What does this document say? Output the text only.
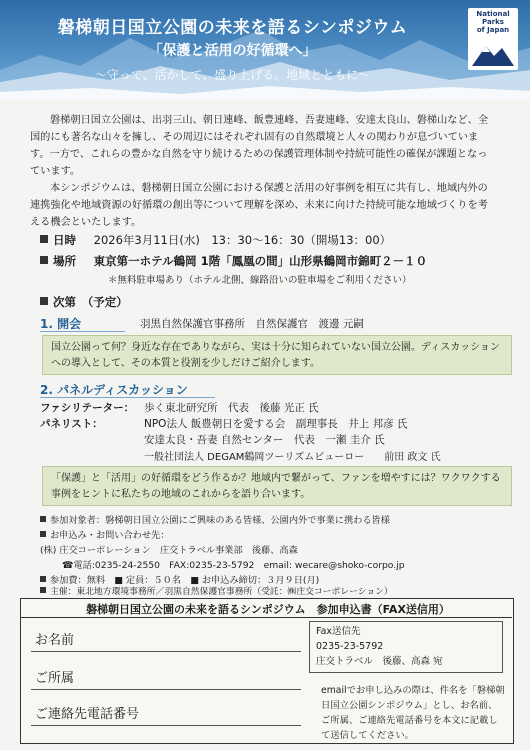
磐梯朝日国立公園の未来を語るシンポジウム
「保護と活用の好循環へ」
～守って、活かして、盛り上げる。地域とともに～
National
Parks
of Japan

磐梯朝日国立公園は、出羽三山、朝日連峰、飯豊連峰、吾妻連峰、安達太良山、磐梯山など、全国的にも著名な山々を擁し、その周辺にはそれぞれ固有の自然環境と人々の関わりが息づいています。一方で、これらの豊かな自然を守り続けるための保護管理体制や持続可能性の確保が課題となっています。

本シンポジウムは、磐梯朝日国立公園における保護と活用の好事例を相互に共有し、地域内外の連携強化や地域資源の好循環の創出等について理解を深め、未来に向けた持続可能な地域づくりを考える機会といたします。

日時 2026年3月11日(水)　13：30～16：30（開場13：00）
場所 東京第一ホテル鶴岡 1階「鳳凰の間」山形県鶴岡市錦町２－１０
＊無料駐車場あり（ホテル北側、線路沿いの駐車場をご利用ください）
次第　（予定）
1. 開会	羽黒自然保護官事務所　自然保護官　渡邊 元嗣
国立公園って何？身近な存在でありながら、実は十分に知られていない国立公園。ディスカッションへの導入として、その本質と役割を少しだけご紹介します。
2. パネルディスカッション
ファシリテーター： 歩く東北研究所　代表　後藤 光正 氏
パネリスト：	NPO法人 飯豊朝日を愛する会　副理事長　井上 邦彦 氏
安達太良・吾妻 自然センター　代表　一瀬 圭介 氏
一般社団法人 DEGAM鶴岡ツーリズムビューロー　　前田 政文 氏
「保護」と「活用」の好循環をどう作るか？地域内で繋がって、ファンを増やすには？ワクワクする事例をヒントに私たちの地域のこれからを語り合います。
参加対象者：磐梯朝日国立公園にご興味のある皆様、公園内外で事業に携わる皆様
お申込み・お問い合わせ先：
(株) 庄交コーポレーション　庄交トラベル事業部　後藤、高森
☎電話:0235-24-2550　FAX:0235-23-5792　email: wecare@shoko-corpo.jp
参加費：無料　■ 定員：５０名　■ お申込み締切：３月９日(月)
主催：東北地方環境事務所／羽黒自然保護官事務所（受託：㈱庄交コーポレーション）
磐梯朝日国立公園の未来を語るシンポジウム　参加申込書（FAX送信用）
お名前
ご所属
ご連絡先電話番号
Fax送信先
0235-23-5792
庄交トラベル　後藤、高森 宛
emailでお申し込みの際は、件名を「磐梯朝日国立公園シンポジウム」とし、お名前、ご所属、ご連絡先電話番号を本文に記載して送信してください。
